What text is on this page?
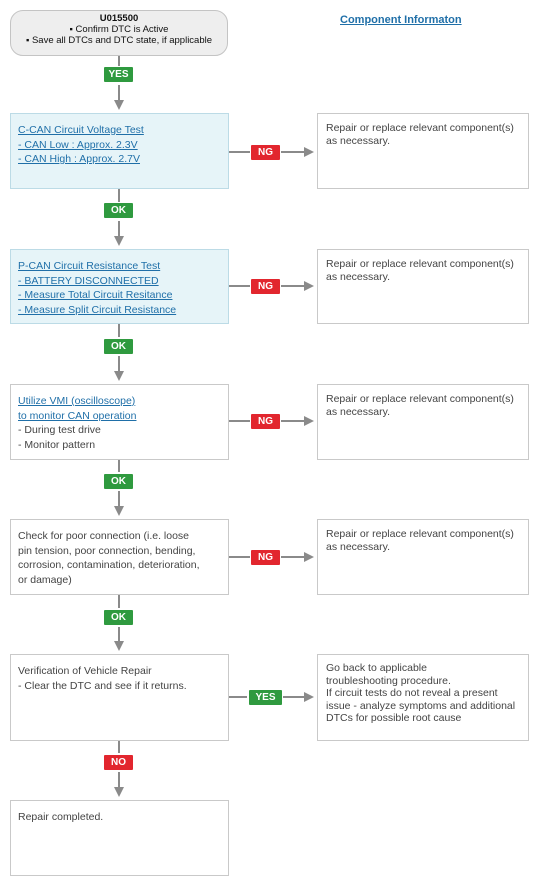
U015500
▪ Confirm DTC is Active
▪ Save all DTCs and DTC state, if applicable
Component Informaton
YES
OK
OK
OK
OK
NO
C-CAN Circuit Voltage Test
- CAN Low : Approx. 2.3V
- CAN High : Approx. 2.7V
NG
Repair or replace relevant component(s)
as necessary.
P-CAN Circuit Resistance Test
- BATTERY DISCONNECTED
- Measure Total Circuit Resitance
- Measure Split Circuit Resistance
NG
Repair or replace relevant component(s)
as necessary.
Utilize VMI (oscilloscope)
to monitor CAN operation
- During test drive
- Monitor pattern
NG
Repair or replace relevant component(s)
as necessary.
Check for poor connection (i.e. loose
pin tension, poor connection, bending,
corrosion, contamination, deterioration,
or damage)
NG
Repair or replace relevant component(s)
as necessary.
Verification of Vehicle Repair
- Clear the DTC and see if it returns.
YES
Go back to applicable
troubleshooting procedure.
If circuit tests do not reveal a present
issue - analyze symptoms and additional
DTCs for possible root cause
Repair completed.
